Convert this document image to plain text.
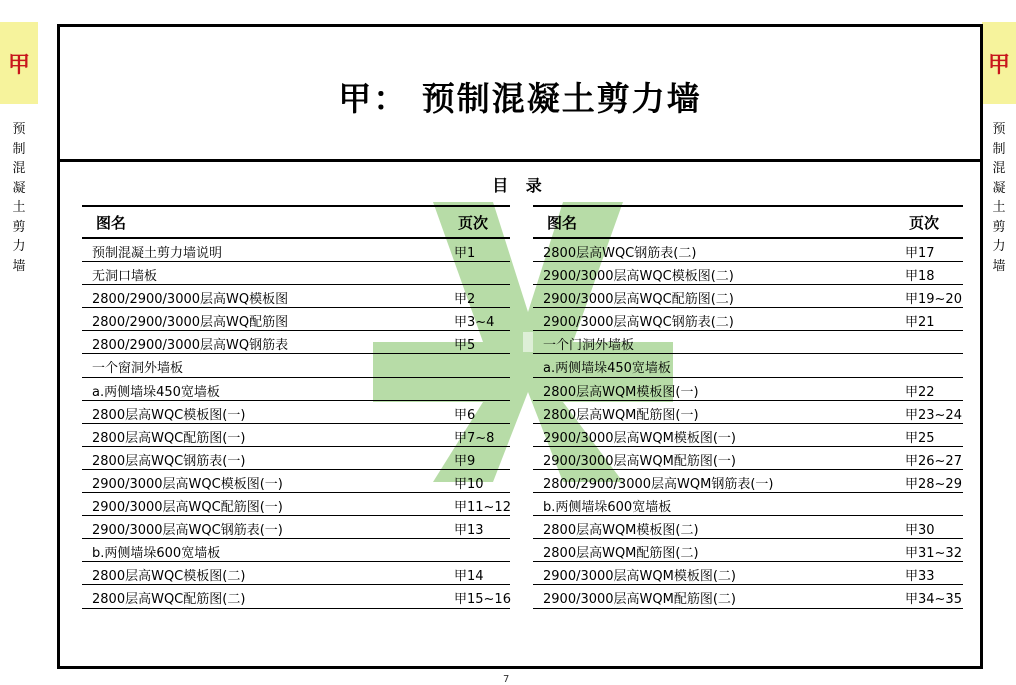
甲
预
制
混
凝
土
剪
力
墙
甲
预
制
混
凝
土
剪
力
墙
甲： 预制混凝土剪力墙
目 录
图名	页次
预制混凝土剪力墙说明	甲1
无洞口墙板
2800/2900/3000层高WQ模板图	甲2
2800/2900/3000层高WQ配筋图	甲3~4
2800/2900/3000层高WQ钢筋表	甲5
一个窗洞外墙板
a.两侧墙垛450宽墙板
2800层高WQC模板图(一)	甲6
2800层高WQC配筋图(一)	甲7~8
2800层高WQC钢筋表(一)	甲9
2900/3000层高WQC模板图(一)	甲10
2900/3000层高WQC配筋图(一)	甲11~12
2900/3000层高WQC钢筋表(一)	甲13
b.两侧墙垛600宽墙板
2800层高WQC模板图(二)	甲14
2800层高WQC配筋图(二)	甲15~16
图名	页次
2800层高WQC钢筋表(二)	甲17
2900/3000层高WQC模板图(二)	甲18
2900/3000层高WQC配筋图(二)	甲19~20
2900/3000层高WQC钢筋表(二)	甲21
一个门洞外墙板
a.两侧墙垛450宽墙板
2800层高WQM模板图(一)	甲22
2800层高WQM配筋图(一)	甲23~24
2900/3000层高WQM模板图(一)	甲25
2900/3000层高WQM配筋图(一)	甲26~27
2800/2900/3000层高WQM钢筋表(一)	甲28~29
b.两侧墙垛600宽墙板
2800层高WQM模板图(二)	甲30
2800层高WQM配筋图(二)	甲31~32
2900/3000层高WQM模板图(二)	甲33
2900/3000层高WQM配筋图(二)	甲34~35
7
